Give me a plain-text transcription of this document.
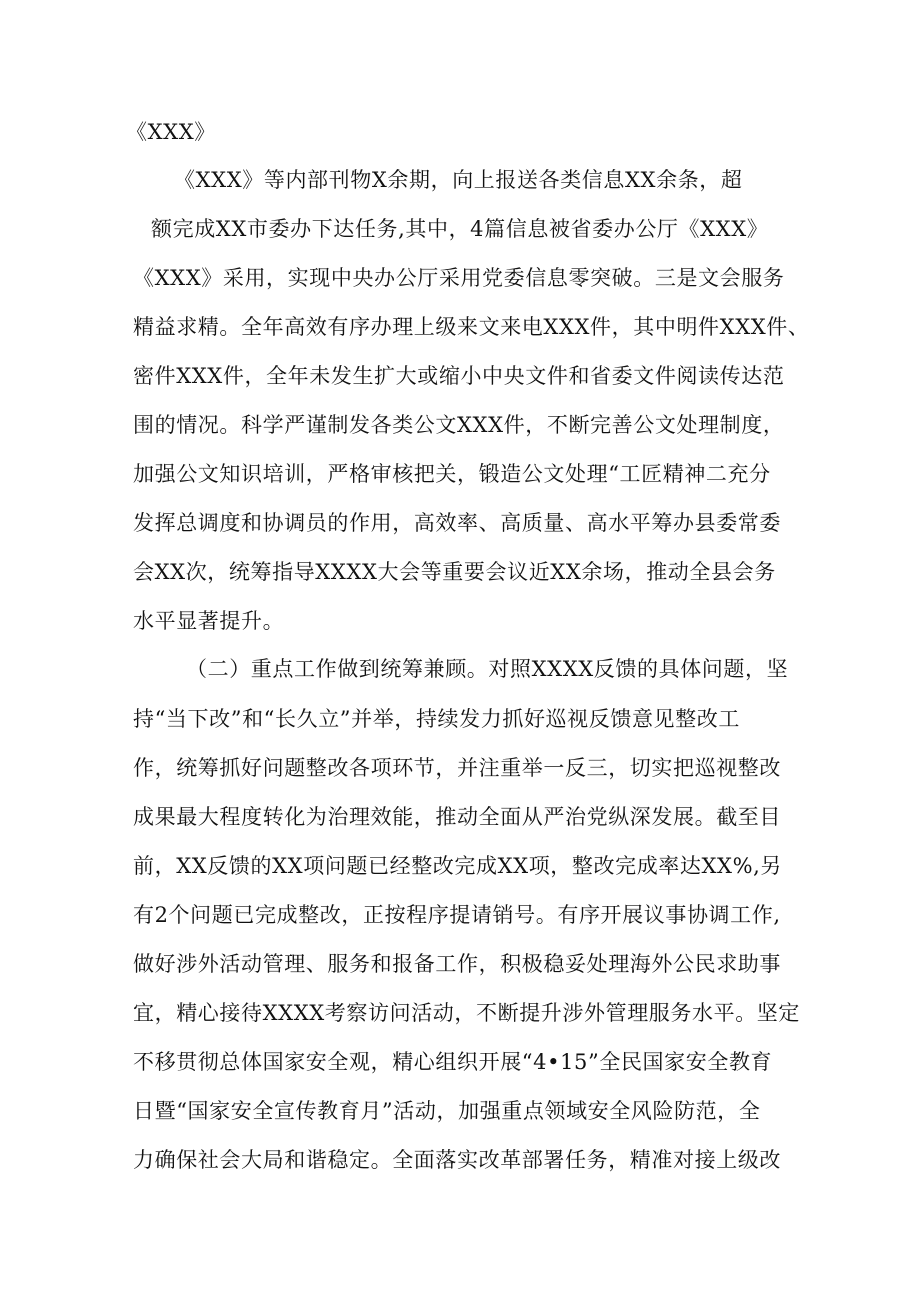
《XXX》
《XXX》等内部刊物X余期，向上报送各类信息XX余条，超
额完成XX市委办下达任务,其中，4篇信息被省委办公厅《XXX》
《XXX》采用，实现中央办公厅采用党委信息零突破。三是文会服务
精益求精。全年高效有序办理上级来文来电XXX件，其中明件XXX件、
密件XXX件，全年未发生扩大或缩小中央文件和省委文件阅读传达范
围的情况。科学严谨制发各类公文XXX件，不断完善公文处理制度，
加强公文知识培训，严格审核把关，锻造公文处理“工匠精神二充分
发挥总调度和协调员的作用，高效率、高质量、高水平筹办县委常委
会XX次，统筹指导XXXX大会等重要会议近XX余场，推动全县会务
水平显著提升。
（二）重点工作做到统筹兼顾。对照XXXX反馈的具体问题，坚
持“当下改”和“长久立”并举，持续发力抓好巡视反馈意见整改工
作，统筹抓好问题整改各项环节，并注重举一反三，切实把巡视整改
成果最大程度转化为治理效能，推动全面从严治党纵深发展。截至目
前，XX反馈的XX项问题已经整改完成XX项，整改完成率达XX%,另
有2个问题已完成整改，正按程序提请销号。有序开展议事协调工作,
做好涉外活动管理、服务和报备工作，积极稳妥处理海外公民求助事
宜，精心接待XXXX考察访问活动，不断提升涉外管理服务水平。坚定
不移贯彻总体国家安全观，精心组织开展“4•15”全民国家安全教育
日暨“国家安全宣传教育月”活动，加强重点领域安全风险防范，全
力确保社会大局和谐稳定。全面落实改革部署任务，精准对接上级改
